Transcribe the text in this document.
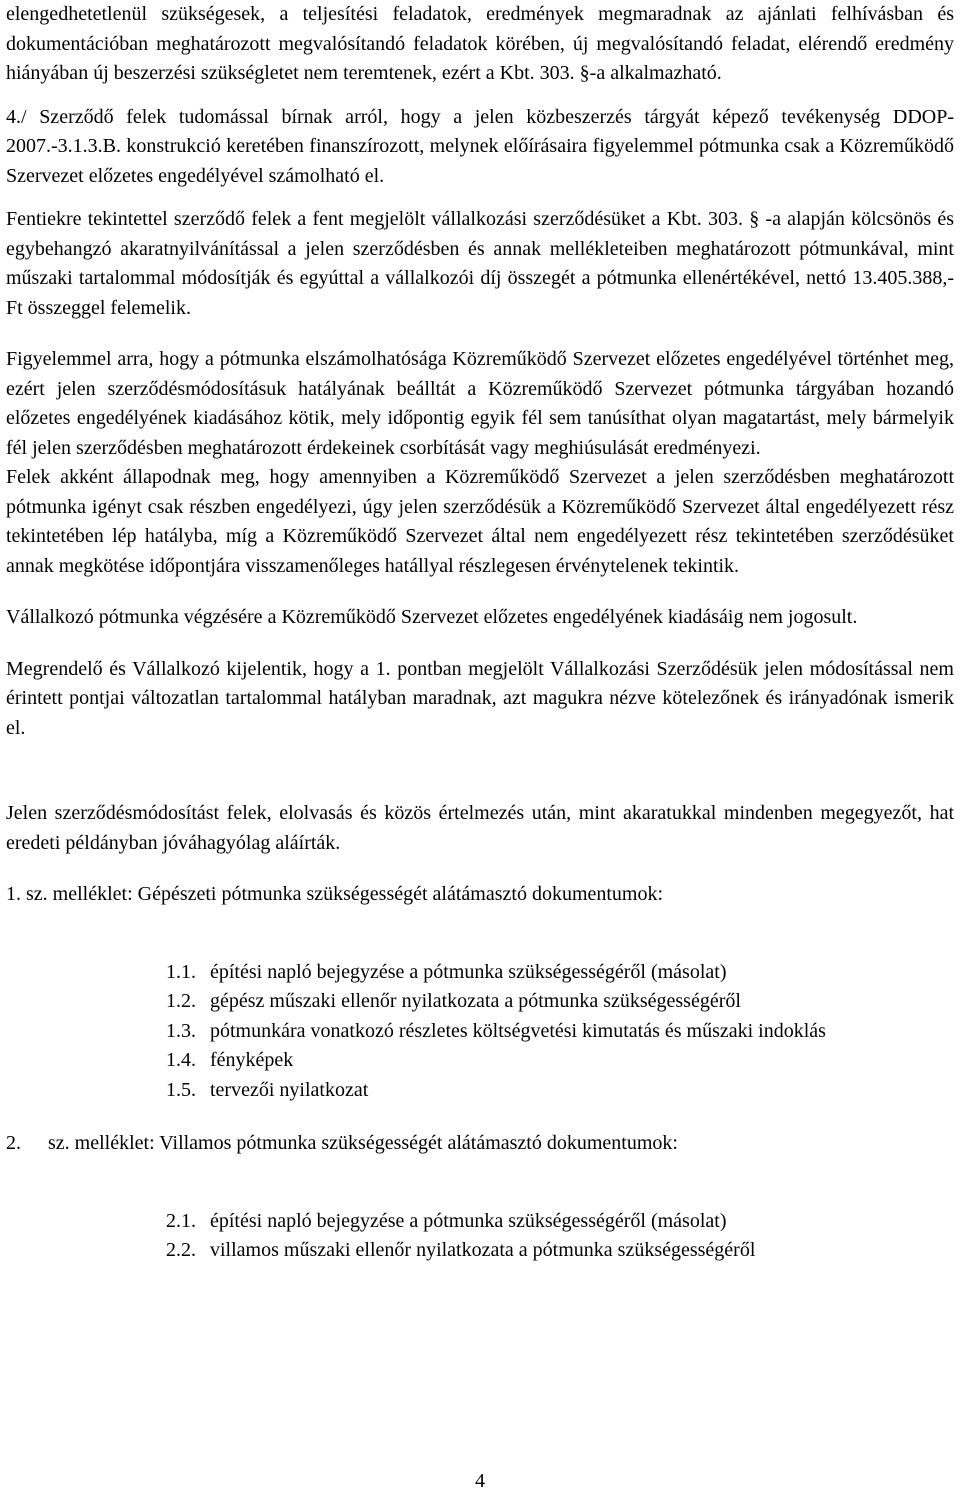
elengedhetetlenül szükségesek, a teljesítési feladatok, eredmények megmaradnak az ajánlati felhívásban és dokumentációban meghatározott megvalósítandó feladatok körében, új megvalósítandó feladat, elérendő eredmény hiányában új beszerzési szükségletet nem teremtenek, ezért a Kbt. 303. §-a alkalmazható.

4./ Szerződő felek tudomással bírnak arról, hogy a jelen közbeszerzés tárgyát képező tevékenység DDOP-2007.-3.1.3.B. konstrukció keretében finanszírozott, melynek előírásaira figyelemmel pótmunka csak a Közreműködő Szervezet előzetes engedélyével számolható el.

Fentiekre tekintettel szerződő felek a fent megjelölt vállalkozási szerződésüket a Kbt. 303. § -a alapján kölcsönös és egybehangzó akaratnyilvánítással a jelen szerződésben és annak mellékleteiben meghatározott pótmunkával, mint műszaki tartalommal módosítják és egyúttal a vállalkozói díj összegét a pótmunka ellenértékével, nettó 13.405.388,- Ft összeggel felemelik.

Figyelemmel arra, hogy a pótmunka elszámolhatósága Közreműködő Szervezet előzetes engedélyével történhet meg, ezért jelen szerződésmódosításuk hatályának beálltát a Közreműködő Szervezet pótmunka tárgyában hozandó előzetes engedélyének kiadásához kötik, mely időpontig egyik fél sem tanúsíthat olyan magatartást, mely bármelyik fél jelen szerződésben meghatározott érdekeinek csorbítását vagy meghiúsulását eredményezi.

Felek akként állapodnak meg, hogy amennyiben a Közreműködő Szervezet a jelen szerződésben meghatározott pótmunka igényt csak részben engedélyezi, úgy jelen szerződésük a Közreműködő Szervezet által engedélyezett rész tekintetében lép hatályba, míg a Közreműködő Szervezet által nem engedélyezett rész tekintetében szerződésüket annak megkötése időpontjára visszamenőleges hatállyal részlegesen érvénytelenek tekintik.

Vállalkozó pótmunka végzésére a Közreműködő Szervezet előzetes engedélyének kiadásáig nem jogosult.

Megrendelő és Vállalkozó kijelentik, hogy a 1. pontban megjelölt Vállalkozási Szerződésük jelen módosítással nem érintett pontjai változatlan tartalommal hatályban maradnak, azt magukra nézve kötelezőnek és irányadónak ismerik el.

Jelen szerződésmódosítást felek, elolvasás és közös értelmezés után, mint akaratukkal mindenben megegyezőt, hat eredeti példányban jóváhagyólag aláírták.

1. sz. melléklet: Gépészeti pótmunka szükségességét alátámasztó dokumentumok:

1.1. építési napló bejegyzése a pótmunka szükségességéről (másolat)
1.2. gépész műszaki ellenőr nyilatkozata a pótmunka szükségességéről
1.3. pótmunkára vonatkozó részletes költségvetési kimutatás és műszaki indoklás
1.4. fényképek
1.5. tervezői nyilatkozat
2.	sz. melléklet: Villamos pótmunka szükségességét alátámasztó dokumentumok:
2.1. építési napló bejegyzése a pótmunka szükségességéről (másolat)
2.2. villamos műszaki ellenőr nyilatkozata a pótmunka szükségességéről
4
